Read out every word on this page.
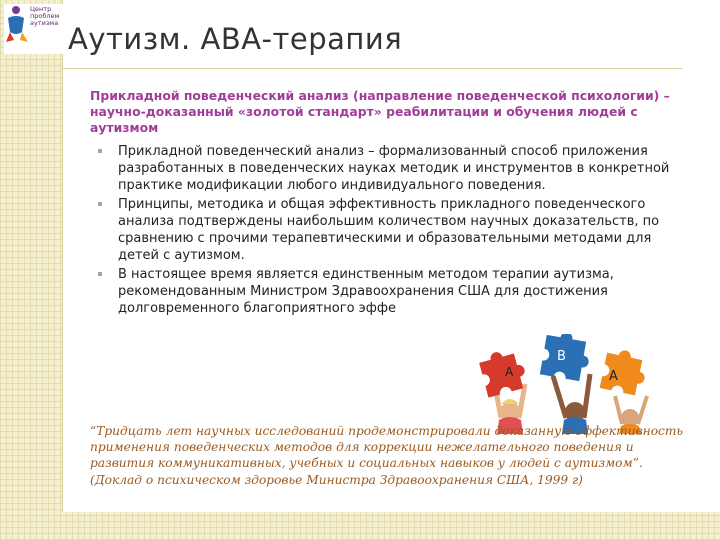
Центр
проблем
аутизма Аутизм. АВА-терапия
Прикладной поведенческий анализ (направление поведенческой психологии) – научно-доказанный «золотой стандарт» реабилитации и обучения людей с аутизмом
Прикладной поведенческий анализ – формализованный способ приложения разработанных в поведенческих науках методик и инструментов в конкретной практике модификации любого индивидуального поведения.
Принципы, методика и общая эффективность прикладного поведенческого анализа подтверждены наибольшим количеством научных доказательств, по сравнению с прочими терапевтическими и образовательными методами для детей с аутизмом.
В настоящее время является единственным методом терапии аутизма, рекомендованным Министром Здравоохранения США для достижения долговременного благоприятного эффе
A
B
A
“Тридцать лет научных исследований продемонстрировали доказанную эффективность применения поведенческих методов для коррекции нежелательного поведения и развития коммуникативных, учебных и социальных навыков у людей с аутизмом”. (Доклад о психическом здоровье Министра Здравоохранения США, 1999 г)
